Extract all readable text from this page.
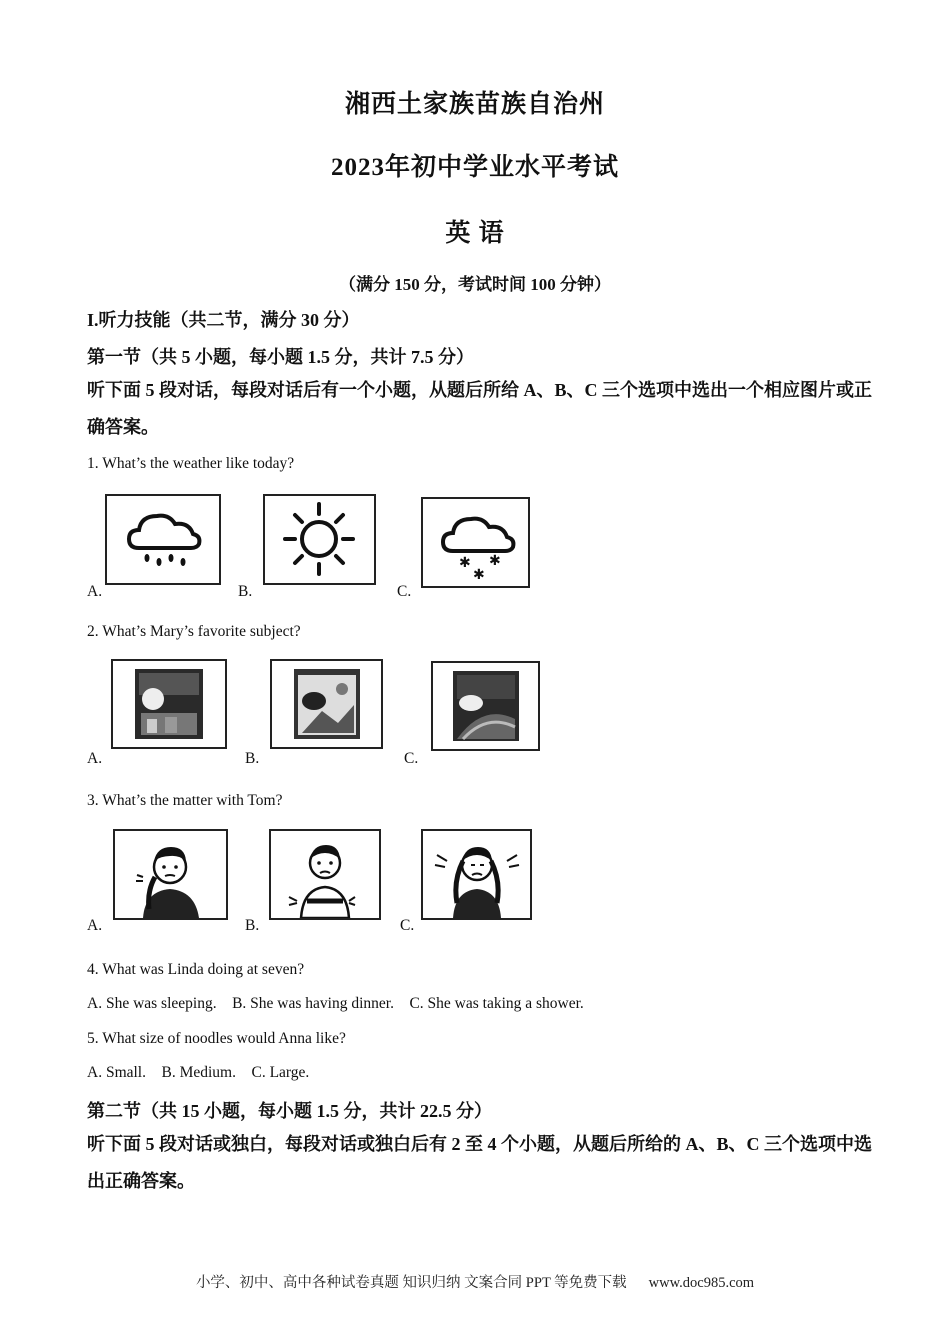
湘西土家族苗族自治州
2023年初中学业水平考试
英 语
（满分 150 分，考试时间 100 分钟）
I.听力技能（共二节，满分 30 分）
第一节（共 5 小题，每小题 1.5 分，共计 7.5 分）
听下面 5 段对话，每段对话后有一个小题，从题后所给 A、B、C 三个选项中选出一个相应图片或正确答案。
1. What’s the weather like today?
✱ ✱
✱
A.	B.	C.
2. What’s Mary’s favorite subject?
A.	B.	C.
3. What’s the matter with Tom?
A.	B.	C.
4. What was Linda doing at seven?
A. She was sleeping.    B. She was having dinner.    C. She was taking a shower.
5. What size of noodles would Anna like?
A. Small.    B. Medium.    C. Large.
第二节（共 15 小题，每小题 1.5 分，共计 22.5 分）
听下面 5 段对话或独白，每段对话或独白后有 2 至 4 个小题，从题后所给的 A、B、C 三个选项中选出正确答案。
小学、初中、高中各种试卷真题 知识归纳 文案合同 PPT 等免费下载 www.doc985.com
